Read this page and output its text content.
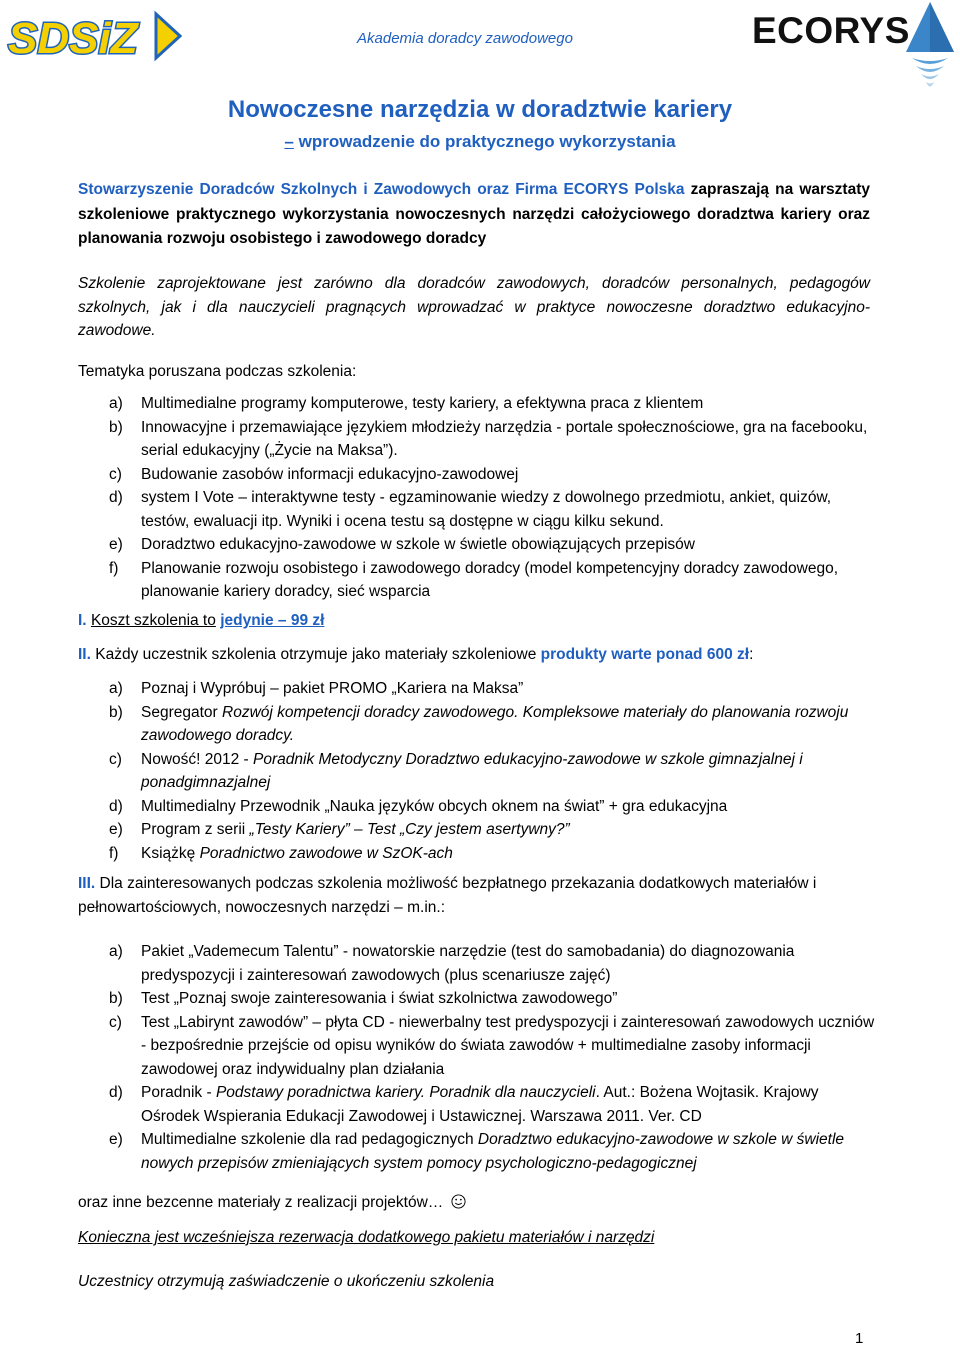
SDSiZ	Akademia doradcy zawodowego	ECORYS
Nowoczesne narzędzia w doradztwie kariery
– wprowadzenie do praktycznego wykorzystania
Stowarzyszenie Doradców Szkolnych i Zawodowych oraz Firma ECORYS Polska zapraszają na warsztaty szkoleniowe praktycznego wykorzystania nowoczesnych narzędzi całożyciowego doradztwa kariery oraz planowania rozwoju osobistego i zawodowego doradcy
Szkolenie zaprojektowane jest zarówno dla doradców zawodowych, doradców personalnych, pedagogów szkolnych, jak i dla nauczycieli pragnących wprowadzać w praktyce nowoczesne doradztwo edukacyjno-zawodowe.
Tematyka poruszana podczas szkolenia:
a) Multimedialne programy komputerowe, testy kariery, a efektywna praca z klientem
b) Innowacyjne i przemawiające językiem młodzieży narzędzia - portale społecznościowe, gra na facebooku, serial edukacyjny („Życie na Maksa”).
c) Budowanie zasobów informacji edukacyjno-zawodowej
d) system I Vote – interaktywne testy - egzaminowanie wiedzy z dowolnego przedmiotu, ankiet, quizów, testów, ewaluacji itp. Wyniki i ocena testu są dostępne w ciągu kilku sekund.
e) Doradztwo edukacyjno-zawodowe w szkole w świetle obowiązujących przepisów
f) Planowanie rozwoju osobistego i zawodowego doradcy (model kompetencyjny doradcy zawodowego, planowanie kariery doradcy, sieć wsparcia
I. Koszt szkolenia to jedynie – 99 zł
II. Każdy uczestnik szkolenia otrzymuje jako materiały szkoleniowe produkty warte ponad 600 zł:
a) Poznaj i Wypróbuj – pakiet PROMO „Kariera na Maksa”
b) Segregator Rozwój kompetencji doradcy zawodowego. Kompleksowe materiały do planowania rozwoju zawodowego doradcy.
c) Nowość! 2012 - Poradnik Metodyczny Doradztwo edukacyjno-zawodowe w szkole gimnazjalnej i ponadgimnazjalnej
d) Multimedialny Przewodnik „Nauka języków obcych oknem na świat” + gra edukacyjna
e) Program z serii „Testy Kariery” – Test „Czy jestem asertywny?”
f) Książkę Poradnictwo zawodowe w SzOK-ach
III. Dla zainteresowanych podczas szkolenia możliwość bezpłatnego przekazania dodatkowych materiałów i pełnowartościowych, nowoczesnych narzędzi – m.in.:
a) Pakiet „Vademecum Talentu” - nowatorskie narzędzie (test do samobadania) do diagnozowania predyspozycji i zainteresowań zawodowych (plus scenariusze zajęć)
b) Test „Poznaj swoje zainteresowania i świat szkolnictwa zawodowego”
c) Test „Labirynt zawodów” – płyta CD - niewerbalny test predyspozycji i zainteresowań zawodowych uczniów - bezpośrednie przejście od opisu wyników do świata zawodów + multimedialne zasoby informacji zawodowej oraz indywidualny plan działania
d) Poradnik - Podstawy poradnictwa kariery. Poradnik dla nauczycieli. Aut.: Bożena Wojtasik. Krajowy Ośrodek Wspierania Edukacji Zawodowej i Ustawicznej. Warszawa 2011. Ver. CD
e) Multimedialne szkolenie dla rad pedagogicznych Doradztwo edukacyjno-zawodowe w szkole w świetle nowych przepisów zmieniających system pomocy psychologiczno-pedagogicznej
oraz inne bezcenne materiały z realizacji projektów…
Konieczna jest wcześniejsza rezerwacja dodatkowego pakietu materiałów i narzędzi
Uczestnicy otrzymują zaświadczenie o ukończeniu szkolenia
1
